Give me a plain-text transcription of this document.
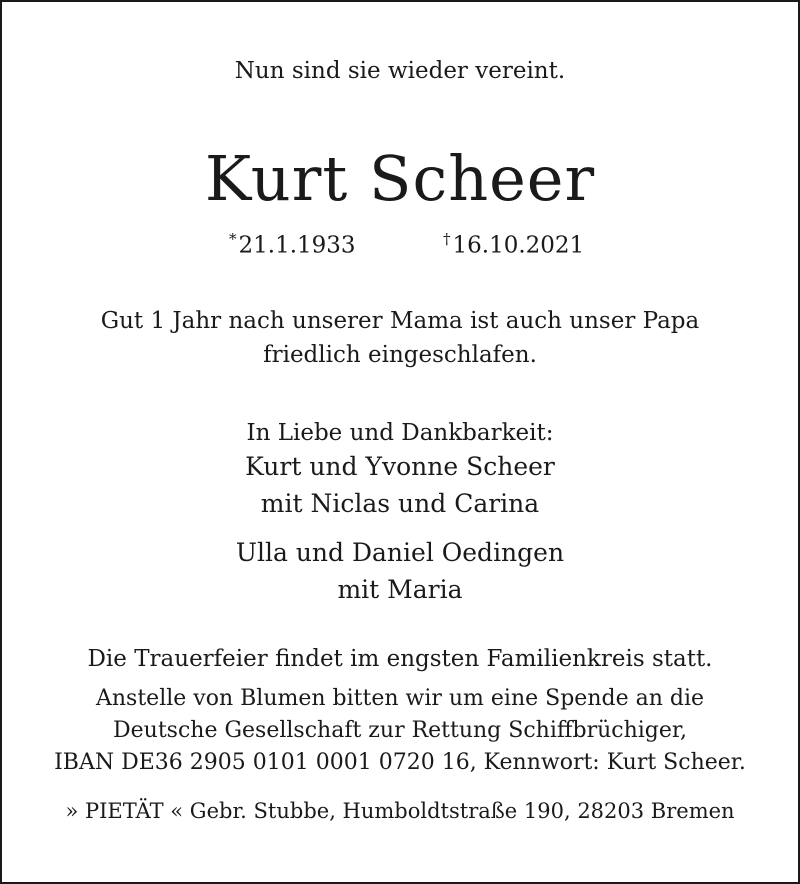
Nun sind sie wieder vereint.
Kurt Scheer
*21.1.1933	†16.10.2021
Gut 1 Jahr nach unserer Mama ist auch unser Papa
friedlich eingeschlafen.
In Liebe und Dankbarkeit:
Kurt und Yvonne Scheer
mit Niclas und Carina
Ulla und Daniel Oedingen
mit Maria
Die Trauerfeier findet im engsten Familienkreis statt.
Anstelle von Blumen bitten wir um eine Spende an die
Deutsche Gesellschaft zur Rettung Schiffbrüchiger,
IBAN DE36 2905 0101 0001 0720 16, Kennwort: Kurt Scheer.
» PIETÄT « Gebr. Stubbe, Humboldtstraße 190, 28203 Bremen
